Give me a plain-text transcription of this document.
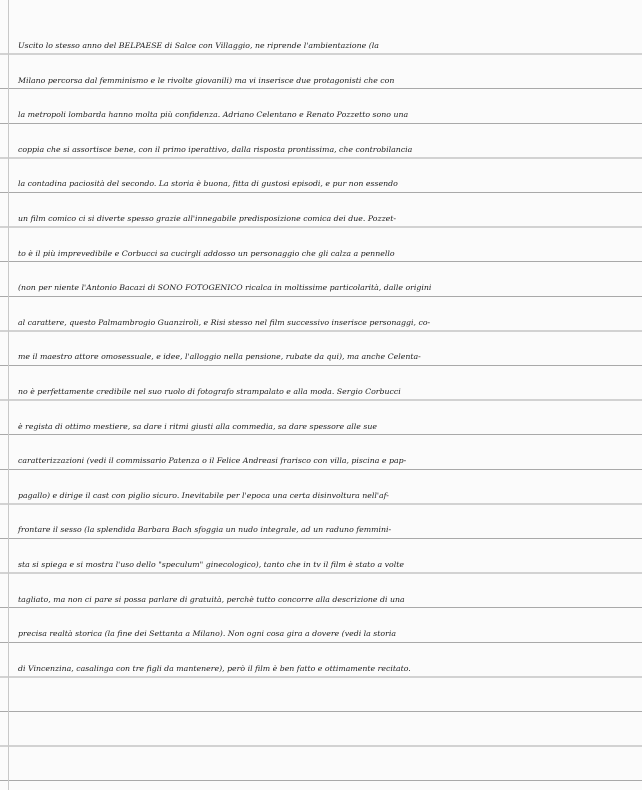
Uscito lo stesso anno del BELPAESE di Salce con Villaggio, ne riprende l'ambientazione (la
Milano percorsa dal femminismo e le rivolte giovanili) ma vi inserisce due protagonisti che con
la metropoli lombarda hanno molta più confidenza. Adriano Celentano e Renato Pozzetto sono una
coppia che si assortisce bene, con il primo iperattivo, dalla risposta prontissima, che controbilancia
la contadina paciosità del secondo. La storia è buona, fitta di gustosi episodi, e pur non essendo
un film comico ci si diverte spesso grazie all'innegabile predisposizione comica dei due. Pozzet-
to è il più imprevedibile e Corbucci sa cucirgli addosso un personaggio che gli calza a pennello
(non per niente l'Antonio Bacazi di SONO FOTOGENICO ricalca in moltissime particolarità, dalle origini
al carattere, questo Palmambrogio Guanziroli, e Risi stesso nel film successivo inserisce personaggi, co-
me il maestro attore omosessuale, e idee, l'alloggio nella pensione, rubate da qui), ma anche Celenta-
no è perfettamente credibile nel suo ruolo di fotografo strampalato e alla moda. Sergio Corbucci
è regista di ottimo mestiere, sa dare i ritmi giusti alla commedia, sa dare spessore alle sue
caratterizzazioni (vedi il commissario Patenza o il Felice Andreasi frarisco con villa, piscina e pap-
pagallo) e dirige il cast con piglio sicuro. Inevitabile per l'epoca una certa disinvoltura nell'af-
frontare il sesso (la splendida Barbara Bach sfoggia un nudo integrale, ad un raduno femmini-
sta si spiega e si mostra l'uso dello "speculum" ginecologico), tanto che in tv il film è stato a volte
tagliato, ma non ci pare si possa parlare di gratuità, perchè tutto concorre alla descrizione di una
precisa realtà storica (la fine dei Settanta a Milano). Non ogni cosa gira a dovere (vedi la storia
di Vincenzina, casalinga con tre figli da mantenere), però il film è ben fatto e ottimamente recitato.
